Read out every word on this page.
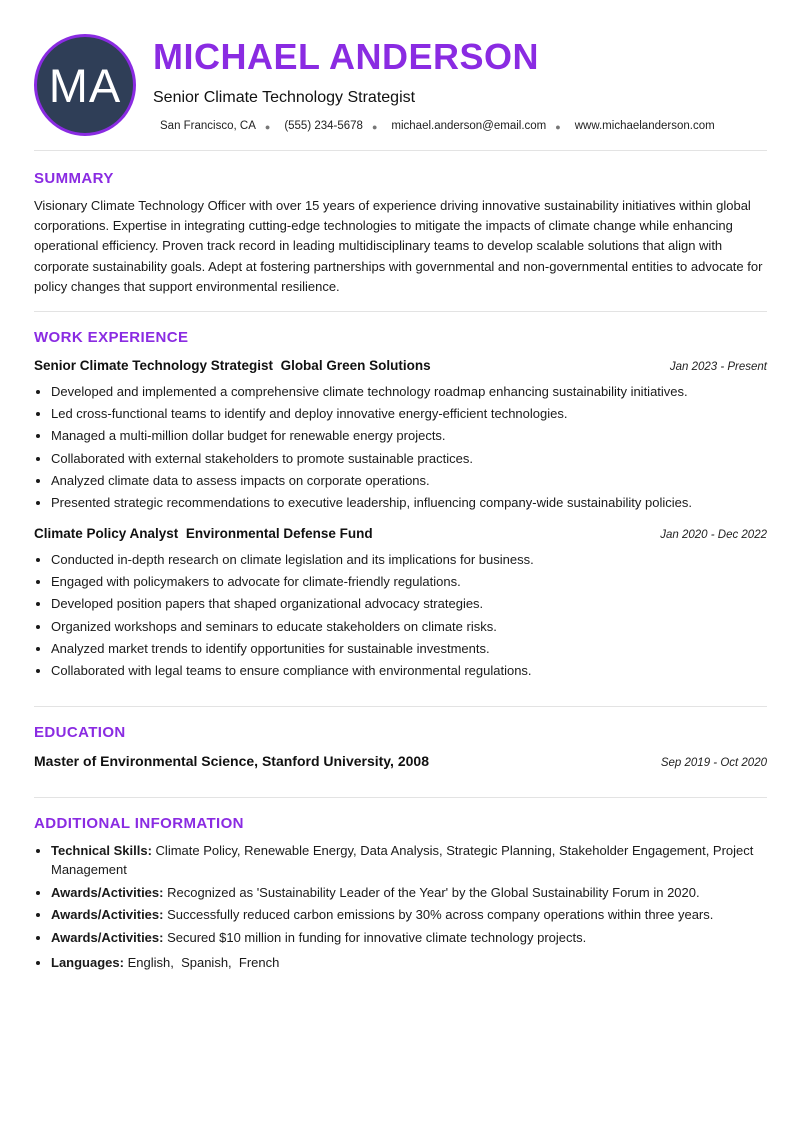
MA
MICHAEL ANDERSON
Senior Climate Technology Strategist
San Francisco, CA ● (555) 234-5678 ● michael.anderson@email.com ● www.michaelanderson.com
SUMMARY

Visionary Climate Technology Officer with over 15 years of experience driving innovative sustainability initiatives within global corporations. Expertise in integrating cutting-edge technologies to mitigate the impacts of climate change while enhancing operational efficiency. Proven track record in leading multidisciplinary teams to develop scalable solutions that align with corporate sustainability goals. Adept at fostering partnerships with governmental and non-governmental entities to advocate for policy changes that support environmental resilience.

WORK EXPERIENCE
Senior Climate Technology Strategist Global Green Solutions	Jan 2023 - Present
• Developed and implemented a comprehensive climate technology roadmap enhancing sustainability initiatives.
• Led cross-functional teams to identify and deploy innovative energy-efficient technologies.
• Managed a multi-million dollar budget for renewable energy projects.
• Collaborated with external stakeholders to promote sustainable practices.
• Analyzed climate data to assess impacts on corporate operations.
• Presented strategic recommendations to executive leadership, influencing company-wide sustainability policies.
Climate Policy Analyst Environmental Defense Fund	Jan 2020 - Dec 2022
• Conducted in-depth research on climate legislation and its implications for business.
• Engaged with policymakers to advocate for climate-friendly regulations.
• Developed position papers that shaped organizational advocacy strategies.
• Organized workshops and seminars to educate stakeholders on climate risks.
• Analyzed market trends to identify opportunities for sustainable investments.
• Collaborated with legal teams to ensure compliance with environmental regulations.
EDUCATION
Master of Environmental Science, Stanford University, 2008	Sep 2019 - Oct 2020
ADDITIONAL INFORMATION
• Technical Skills: Climate Policy, Renewable Energy, Data Analysis, Strategic Planning, Stakeholder Engagement, Project Management
• Awards/Activities: Recognized as 'Sustainability Leader of the Year' by the Global Sustainability Forum in 2020.
• Awards/Activities: Successfully reduced carbon emissions by 30% across company operations within three years.
• Awards/Activities: Secured $10 million in funding for innovative climate technology projects.
• Languages: English,  Spanish,  French
